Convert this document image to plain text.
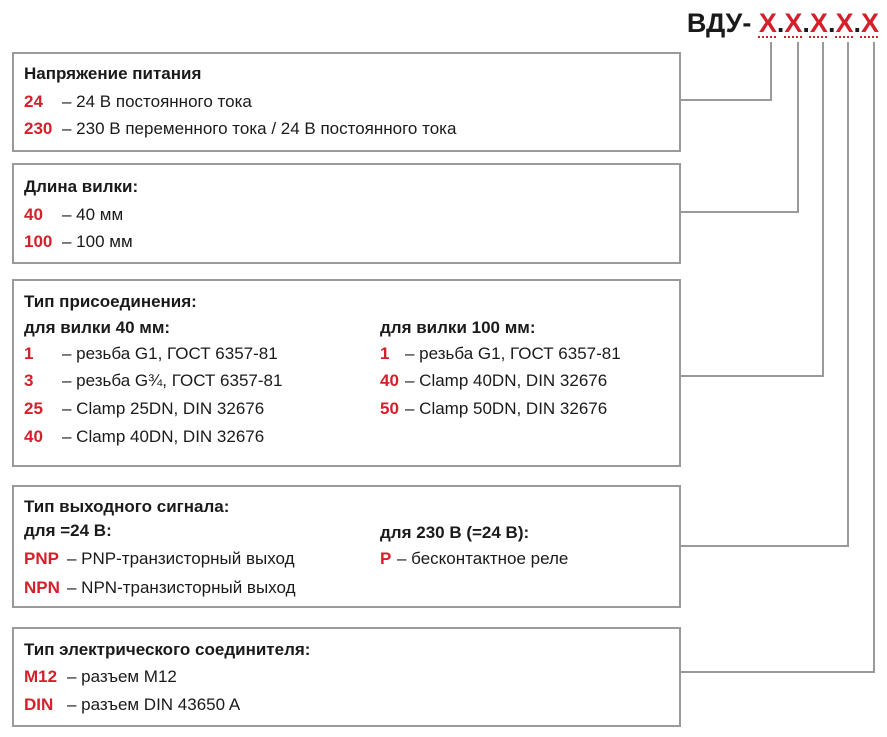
ВДУ- X.X.X.X.X
Напряжение питания
24 – 24 В постоянного тока
230 – 230 В переменного тока / 24 В постоянного тока
Длина вилки:
40 – 40 мм
100 – 100 мм
Тип присоединения:
для вилки 40 мм:
1 – резьба G1, ГОСТ 6357-81
3 – резьба G¾, ГОСТ 6357-81
25 – Clamp 25DN, DIN 32676
40 – Clamp 40DN, DIN 32676
для вилки 100 мм:
1 – резьба G1, ГОСТ 6357-81
40 – Clamp 40DN, DIN 32676
50 – Clamp 50DN, DIN 32676
Тип выходного сигнала:
для =24 В:
PNP – PNP-транзисторный выход
NPN – NPN-транзисторный выход
для 230 В (=24 В):
P – бесконтактное реле
Тип электрического соединителя:
M12 – разъем M12
DIN – разъем DIN 43650 A
